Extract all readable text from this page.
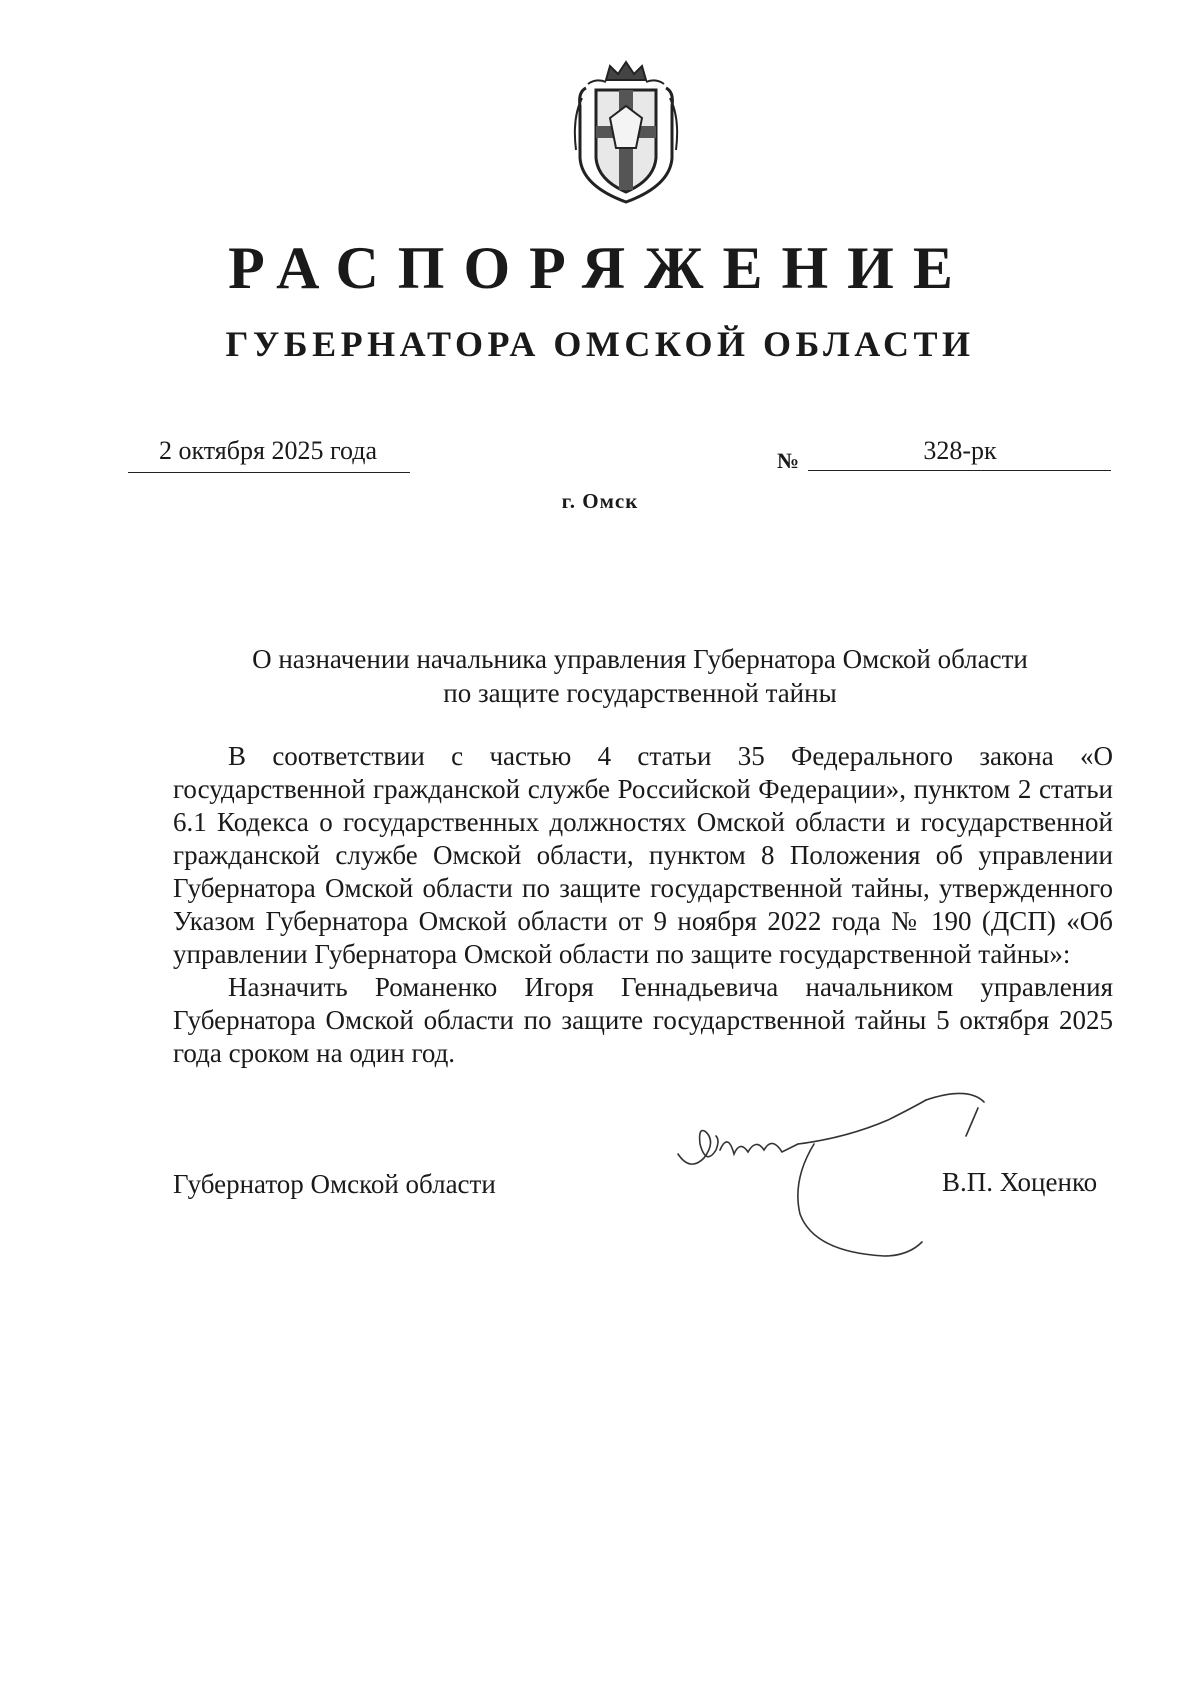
РАСПОРЯЖЕНИЕ
ГУБЕРНАТОРА ОМСКОЙ ОБЛАСТИ
2 октября 2025 года	№	328-рк
г. Омск
О назначении начальника управления Губернатора Омской области
по защите государственной тайны

В соответствии с частью 4 статьи 35 Федерального закона «О государственной гражданской службе Российской Федерации», пунктом 2 статьи 6.1 Кодекса о государственных должностях Омской области и государственной гражданской службе Омской области, пунктом 8 Положения об управлении Губернатора Омской области по защите государственной тайны, утвержденного Указом Губернатора Омской области от 9 ноября 2022 года № 190 (ДСП) «Об управлении Губернатора Омской области по защите государственной тайны»:

Назначить Романенко Игоря Геннадьевича начальником управления Губернатора Омской области по защите государственной тайны 5 октября 2025 года сроком на один год.

Губернатор Омской области	В.П. Хоценко
